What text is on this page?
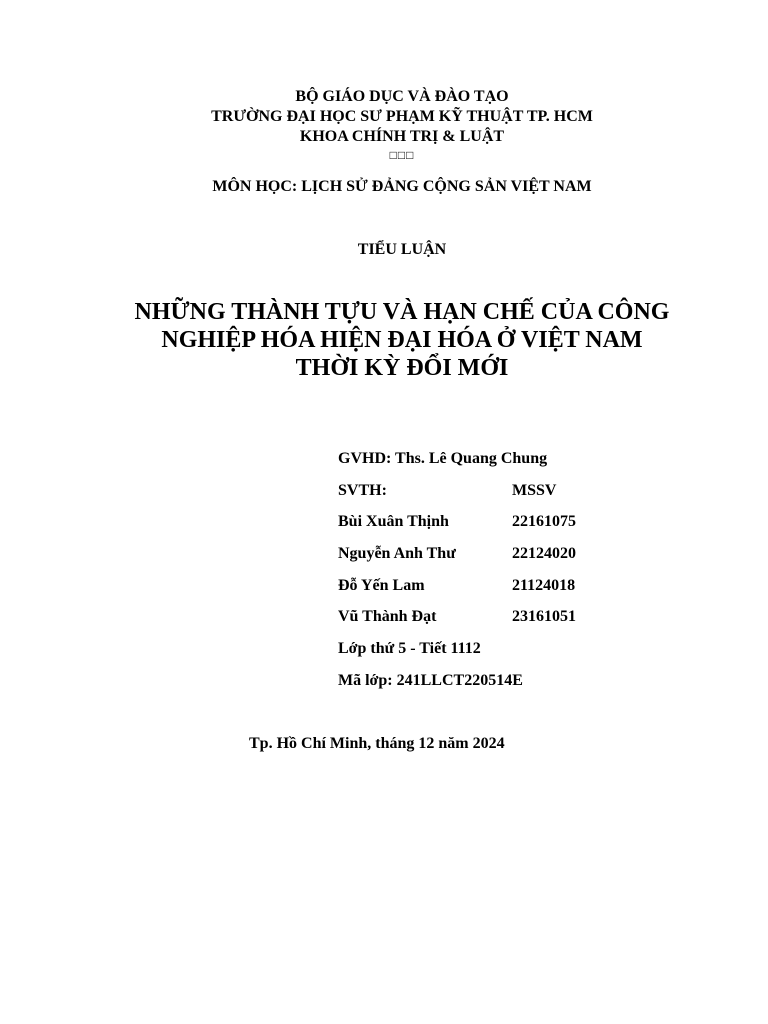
BỘ GIÁO DỤC VÀ ĐÀO TẠO
TRƯỜNG ĐẠI HỌC SƯ PHẠM KỸ THUẬT TP. HCM
KHOA CHÍNH TRỊ & LUẬT
□□□
MÔN HỌC: LỊCH SỬ ĐẢNG CỘNG SẢN VIỆT NAM
TIỂU LUẬN
NHỮNG THÀNH TỰU VÀ HẠN CHẾ CỦA CÔNG
NGHIỆP HÓA HIỆN ĐẠI HÓA Ở VIỆT NAM
THỜI KỲ ĐỔI MỚI
GVHD: Ths. Lê Quang Chung
SVTH:	MSSV
Bùi Xuân Thịnh	22161075
Nguyễn Anh Thư	22124020
Đỗ Yến Lam	21124018
Vũ Thành Đạt	23161051
Lớp thứ 5 - Tiết 1112
Mã lớp: 241LLCT220514E
Tp. Hồ Chí Minh, tháng 12 năm 2024
